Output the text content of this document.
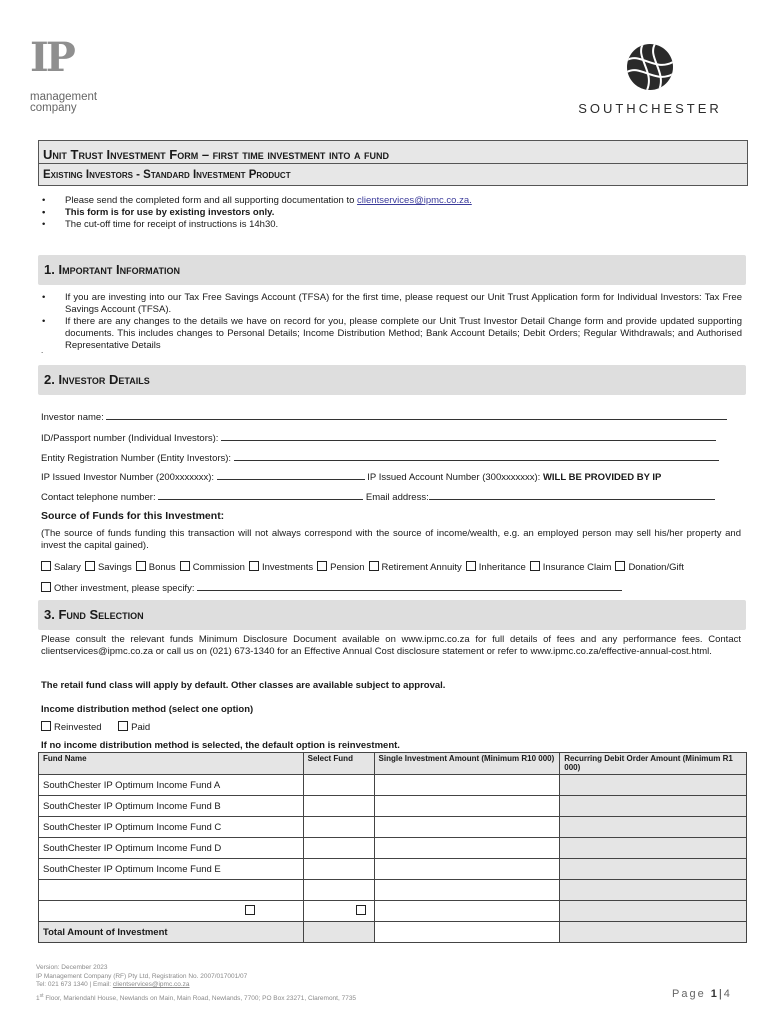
IP
management
company	SOUTHCHESTER
Unit Trust Investment Form – first time investment into a fund
Existing Investors - Standard Investment Product
• Please send the completed form and all supporting documentation to clientservices@ipmc.co.za.
• This form is for use by existing investors only.
• The cut-off time for receipt of instructions is 14h30.
1. Important Information
• If you are investing into our Tax Free Savings Account (TFSA) for the first time, please request our Unit Trust Application form for Individual Investors: Tax Free Savings Account (TFSA).
• If there are any changes to the details we have on record for you, please complete our Unit Trust Investor Detail Change form and provide updated supporting documents. This includes changes to Personal Details; Income Distribution Method; Bank Account Details; Debit Orders; Regular Withdrawals; and Authorised Representative Details
.
2. Investor Details
Investor name:
ID/Passport number (Individual Investors):
Entity Registration Number (Entity Investors):
IP Issued Investor Number (200xxxxxxx):	IP Issued Account Number (300xxxxxxx): WILL BE PROVIDED BY IP
Contact telephone number:	Email address:
Source of Funds for this Investment:
(The source of funds funding this transaction will not always correspond with the source of income/wealth, e.g. an employed person may sell his/her property and invest the capital gained).
Salary Savings Bonus Commission Investments Pension Retirement Annuity Inheritance Insurance Claim Donation/Gift
Other investment, please specify:
3. Fund Selection
Please consult the relevant funds Minimum Disclosure Document available on www.ipmc.co.za for full details of fees and any performance fees. Contact clientservices@ipmc.co.za or call us on (021) 673-1340 for an Effective Annual Cost disclosure statement or refer to www.ipmc.co.za/effective-annual-cost.html.
The retail fund class will apply by default. Other classes are available subject to approval.
Income distribution method (select one option)
Reinvested	Paid
If no income distribution method is selected, the default option is reinvestment.
Fund Name	Select Fund	Single Investment Amount (Minimum R10 000)	Recurring Debit Order Amount (Minimum R1 000)
SouthChester IP Optimum Income Fund A			
SouthChester IP Optimum Income Fund B			
SouthChester IP Optimum Income Fund C			
SouthChester IP Optimum Income Fund D			
SouthChester IP Optimum Income Fund E			

Total Amount of Investment			
Version: December 2023
IP Management Company (RF) Pty Ltd, Registration No. 2007/017001/07
Tel: 021 673 1340 | Email: clientservices@ipmc.co.za
1st Floor, Mariendahl House, Newlands on Main, Main Road, Newlands, 7700; PO Box 23271, Claremont, 7735	Page 1|4
